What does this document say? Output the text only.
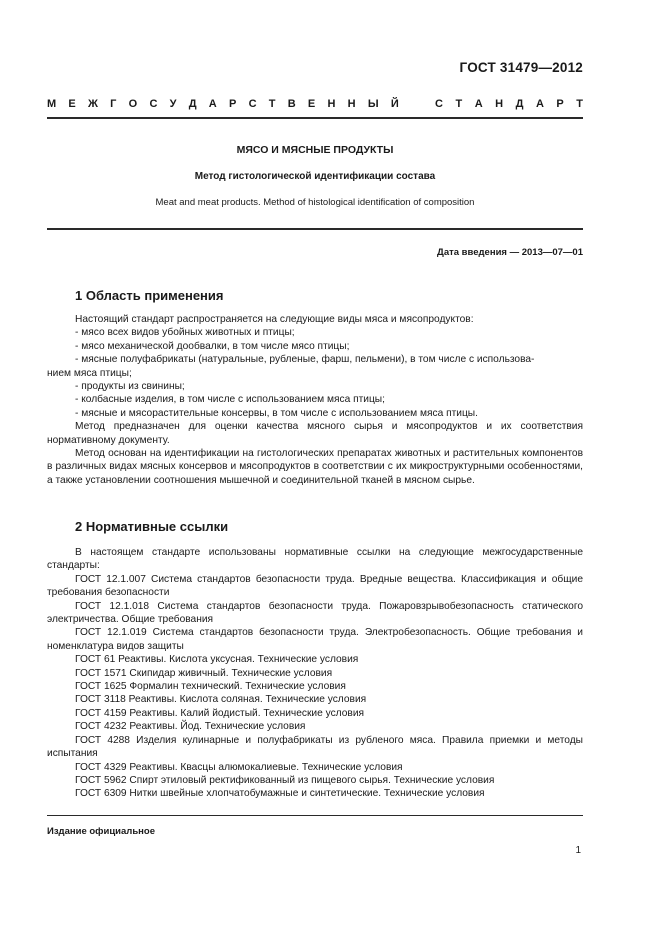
ГОСТ 31479—2012
М Е Ж Г О С У Д А Р С Т В Е Н Н Ы Й	С Т А Н Д А Р Т
МЯСО И МЯСНЫЕ ПРОДУКТЫ
Метод гистологической идентификации состава
Meat and meat products. Method of histological identification of composition
Дата введения — 2013—07—01
1 Область применения

Настоящий стандарт распространяется на следующие виды мяса и мясопродуктов:

- мясо всех видов убойных животных и птицы;

- мясо механической дообвалки, в том числе мясо птицы;

- мясные полуфабрикаты (натуральные, рубленые, фарш, пельмени), в том числе с использова-

нием мяса птицы;

- продукты из свинины;

- колбасные изделия, в том числе с использованием мяса птицы;

- мясные и мясорастительные консервы, в том числе с использованием мяса птицы.

Метод предназначен для оценки качества мясного сырья и мясопродуктов и их соответствия нормативному документу.

Метод основан на идентификации на гистологических препаратах животных и растительных компонентов в различных видах мясных консервов и мясопродуктов в соответствии с их микроструктурными особенностями, а также установлении соотношения мышечной и соединительной тканей в мясном сырье.

2 Нормативные ссылки

В настоящем стандарте использованы нормативные ссылки на следующие межгосударственные стандарты:

ГОСТ 12.1.007 Система стандартов безопасности труда. Вредные вещества. Классификация и общие требования безопасности

ГОСТ 12.1.018 Система стандартов безопасности труда. Пожаровзрывобезопасность статического электричества. Общие требования

ГОСТ 12.1.019 Система стандартов безопасности труда. Электробезопасность. Общие требования и номенклатура видов защиты

ГОСТ 61 Реактивы. Кислота уксусная. Технические условия

ГОСТ 1571 Скипидар живичный. Технические условия

ГОСТ 1625 Формалин технический. Технические условия

ГОСТ 3118 Реактивы. Кислота соляная. Технические условия

ГОСТ 4159 Реактивы. Калий йодистый. Технические условия

ГОСТ 4232 Реактивы. Йод. Технические условия

ГОСТ 4288 Изделия кулинарные и полуфабрикаты из рубленого мяса. Правила приемки и методы испытания

ГОСТ 4329 Реактивы. Квасцы алюмокалиевые. Технические условия

ГОСТ 5962 Спирт этиловый ректификованный из пищевого сырья. Технические условия

ГОСТ 6309 Нитки швейные хлопчатобумажные и синтетические. Технические условия

Издание официальное
1
